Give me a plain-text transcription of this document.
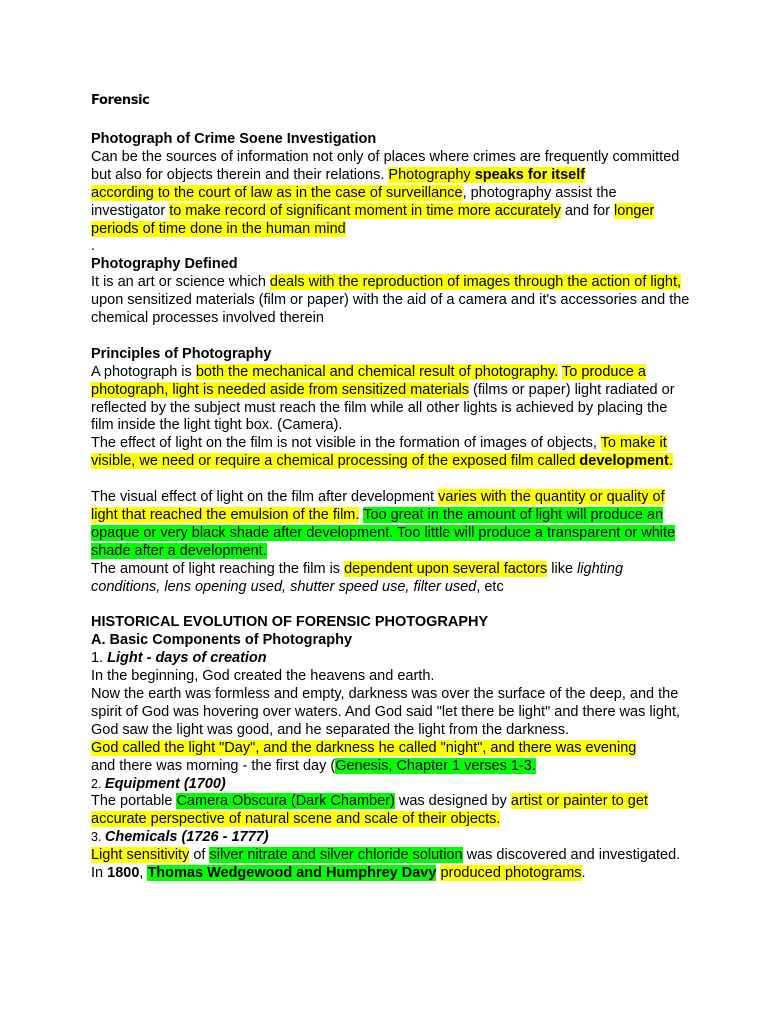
Forensic

Photograph of Crime Soene Investigation

Can be the sources of information not only of places where crimes are frequently committed but also for objects therein and their relations. Photography speaks for itself
according to the court of law as in the case of surveillance, photography assist the investigator to make record of significant moment in time more accurately and for longer periods of time done in the human mind

.

Photography Defined

It is an art or science which deals with the reproduction of images through the action of light, upon sensitized materials (film or paper) with the aid of a camera and it's accessories and the chemical processes involved therein

Principles of Photography

A photograph is both the mechanical and chemical result of photography. To produce a photograph, light is needed aside from sensitized materials (films or paper) light radiated or reflected by the subject must reach the film while all other lights is achieved by placing the film inside the light tight box. (Camera).

The effect of light on the film is not visible in the formation of images of objects, To make it visible, we need or require a chemical processing of the exposed film called development.

The visual effect of light on the film after development varies with the quantity or quality of light that reached the emulsion of the film. Too great in the amount of light will produce an opaque or very black shade after development. Too little will produce a transparent or white shade after a development.

The amount of light reaching the film is dependent upon several factors like lighting conditions, lens opening used, shutter speed use, filter used, etc

HISTORICAL EVOLUTION OF FORENSIC PHOTOGRAPHY

A. Basic Components of Photography

1. Light - days of creation

In the beginning, God created the heavens and earth.

Now the earth was formless and empty, darkness was over the surface of the deep, and the spirit of God was hovering over waters. And God said "let there be light" and there was light, God saw the light was good, and he separated the light from the darkness.
God called the light "Day", and the darkness he called "night", and there was evening
and there was morning - the first day (Genesis, Chapter 1 verses 1-3.

2. Equipment (1700)

The portable Camera Obscura (Dark Chamber) was designed by artist or painter to get accurate perspective of natural scene and scale of their objects.

3. Chemicals (1726 - 1777)

Light sensitivity of silver nitrate and silver chloride solution was discovered and investigated.

In 1800, Thomas Wedgewood and Humphrey Davy produced photograms.
